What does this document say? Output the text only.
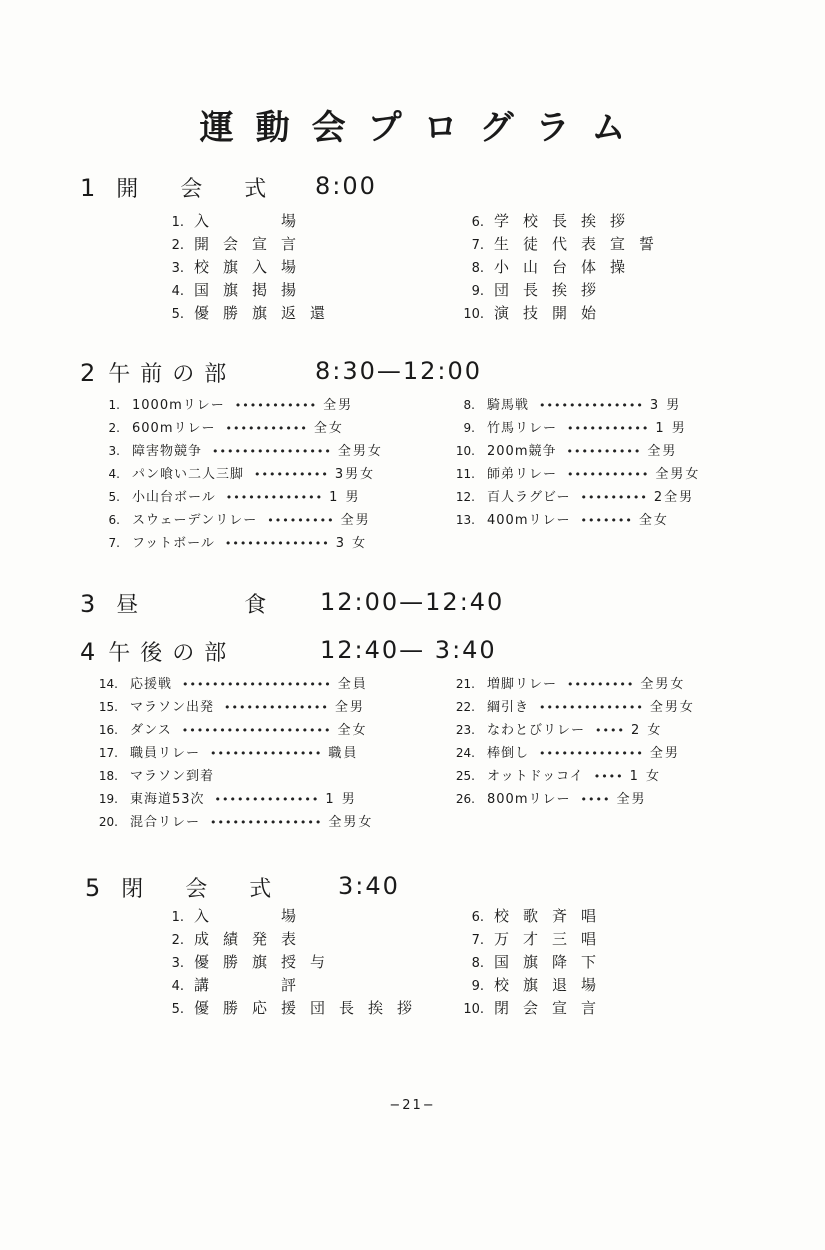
運動会プログラム
1 開　会　式 8:00
1. 入　　場
2. 開会宣言
3. 校旗入場
4. 国旗掲揚
5. 優勝旗返還
6. 学校長挨拶
7. 生徒代表宣誓
8. 小山台体操
9. 団長挨拶
10. 演技開始
2 午前の部	8:30—12:00
1. 1000mリレー ••••••••••• 全男
2. 600mリレー ••••••••••• 全女
3. 障害物競争 •••••••••••••••• 全男女
4. パン喰い二人三脚 •••••••••• 3男女
5. 小山台ボール ••••••••••••• 1 男
6. スウェーデンリレー ••••••••• 全男
7. フットボール •••••••••••••• 3 女
8. 騎馬戦 •••••••••••••• 3 男
9. 竹馬リレー ••••••••••• 1 男
10. 200m競争 •••••••••• 全男
11. 師弟リレー ••••••••••• 全男女
12. 百人ラグビー ••••••••• 2全男
13. 400mリレー ••••••• 全女
3 昼　　　食 12:00—12:40
4 午後の部	12:40— 3:40
14. 応援戦 •••••••••••••••••••• 全員
15. マラソン出発 •••••••••••••• 全男
16. ダンス •••••••••••••••••••• 全女
17. 職員リレー ••••••••••••••• 職員
18. マラソン到着
19. 東海道53次 •••••••••••••• 1 男
20. 混合リレー ••••••••••••••• 全男女
21. 増脚リレー ••••••••• 全男女
22. 綱引き •••••••••••••• 全男女
23. なわとびリレー •••• 2 女
24. 棒倒し •••••••••••••• 全男
25. オットドッコイ •••• 1 女
26. 800mリレー •••• 全男
5 閉　会　式 3:40
1. 入　　場
2. 成績発表
3. 優勝旗授与
4. 講　　評
5. 優勝応援団長挨拶
6. 校歌斉唱
7. 万才三唱
8. 国旗降下
9. 校旗退場
10. 閉会宣言
−21−
